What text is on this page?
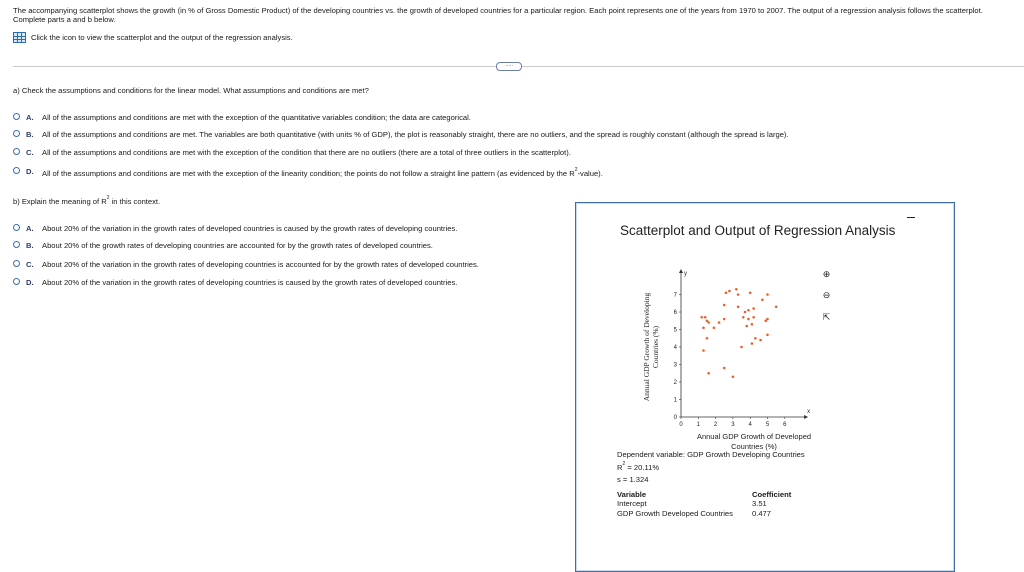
The accompanying scatterplot shows the growth (in % of Gross Domestic Product) of the developing countries vs. the growth of developed countries for a particular region. Each point represents one of the years from 1970 to 2007. The output of a regression analysis follows the scatterplot. Complete parts a and b below.
Click the icon to view the scatterplot and the output of the regression analysis.
·····
a) Check the assumptions and conditions for the linear model. What assumptions and conditions are met?
A.	All of the assumptions and conditions are met with the exception of the quantitative variables condition; the data are categorical.
B.	All of the assumptions and conditions are met. The variables are both quantitative (with units % of GDP), the plot is reasonably straight, there are no outliers, and the spread is roughly constant (although the spread is large).
C.	All of the assumptions and conditions are met with the exception of the condition that there are no outliers (there are a total of three outliers in the scatterplot).
D.	All of the assumptions and conditions are met with the exception of the linearity condition; the points do not follow a straight line pattern (as evidenced by the $R^2-value$).
b) Explain the meaning of $R^2$ in this context.
A.	About 20% of the variation in the growth rates of developed countries is caused by the growth rates of developing countries.
B.	About 20% of the growth rates of developing countries are accounted for by the growth rates of developed countries.
C.	About 20% of the variation in the growth rates of developing countries is accounted for by the growth rates of developed countries.
D.	About 20% of the variation in the growth rates of developing countries is caused by the growth rates of developed countries.
Scatterplot and Output of Regression Analysis
Annual GDP Growth of Developing Countries (%)
y
x
0 1 2 3 4 5 6
0
1
2
3
4
5
6
7
Annual GDP Growth of Developed
Countries (%)
⊕
⊖
⇱
Dependent variable: GDP Growth Developing Countries
$R^2 = 20.11\%$
s = 1.324
Variable	Coefficient
Intercept	3.51
GDP Growth Developed Countries	0.477
